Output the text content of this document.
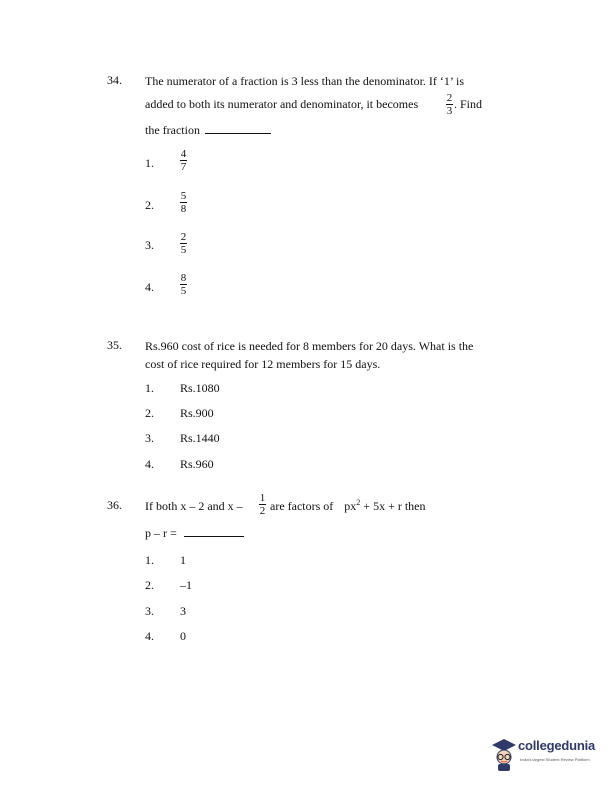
34. The numerator of a fraction is 3 less than the denominator. If ‘1’ is
added to both its numerator and denominator, it becomes	2
3 . Find
the fraction
1.
4
7
2.
5
8
3.
2
5
4.
8
5
35. Rs.960 cost of rice is needed for 8 members for 20 days. What is the
cost of rice required for 12 members for 15 days.
1. Rs.1080
2. Rs.900
3. Rs.1440
4. Rs.960
36. If both x – 2 and x –
1
2 are factors of $px^2 + 5x + r$ then
p – r =
1. 1
2. –1
3. 3
4. 0
collegedunia
India's largest Student Review Platform
